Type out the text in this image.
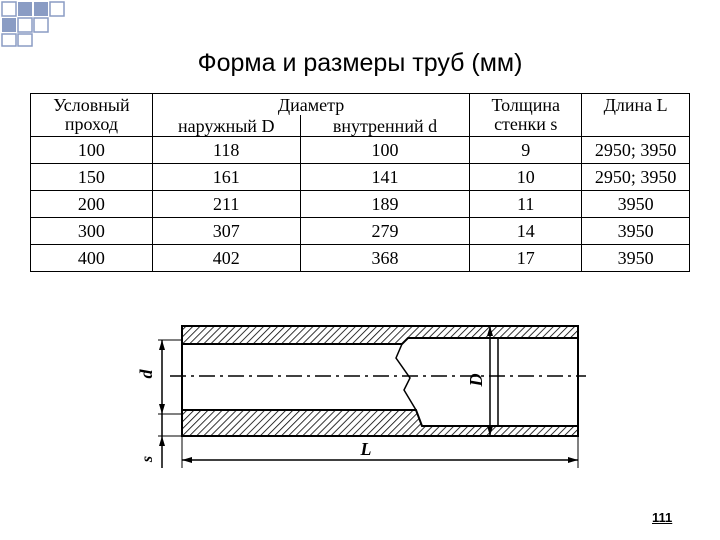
Форма и размеры труб (мм)
Условный проход	Диаметр		Толщина стенки s	Длина L
	наружный D	внутренний d		
100	118	100	9	2950; 3950
150	161	141	10	2950; 3950
200	211	189	11	3950
300	307	279	14	3950
400	402	368	17	3950
d
s
D
L
111
